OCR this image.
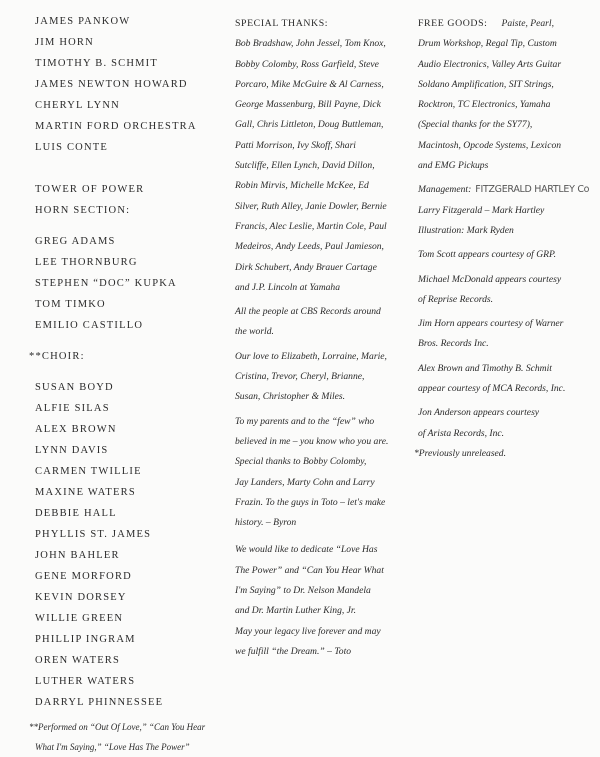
JAMES PANKOW
JIM HORN
TIMOTHY B. SCHMIT
JAMES NEWTON HOWARD
CHERYL LYNN
MARTIN FORD ORCHESTRA
LUIS CONTE
TOWER OF POWER
HORN SECTION:
GREG ADAMS
LEE THORNBURG
STEPHEN “DOC” KUPKA
TOM TIMKO
EMILIO CASTILLO
**CHOIR:
SUSAN BOYD
ALFIE SILAS
ALEX BROWN
LYNN DAVIS
CARMEN TWILLIE
MAXINE WATERS
DEBBIE HALL
PHYLLIS ST. JAMES
JOHN BAHLER
GENE MORFORD
KEVIN DORSEY
WILLIE GREEN
PHILLIP INGRAM
OREN WATERS
LUTHER WATERS
DARRYL PHINNESSEE
**Performed on “Out Of Love,” “Can You Hear
What I'm Saying,” “Love Has The Power”
SPECIAL THANKS:
Bob Bradshaw, John Jessel, Tom Knox,
Bobby Colomby, Ross Garfield, Steve
Porcaro, Mike McGuire & Al Carness,
George Massenburg, Bill Payne, Dick
Gall, Chris Littleton, Doug Buttleman,
Patti Morrison, Ivy Skoff, Shari
Sutcliffe, Ellen Lynch, David Dillon,
Robin Mirvis, Michelle McKee, Ed
Silver, Ruth Alley, Janie Dowler, Bernie
Francis, Alec Leslie, Martin Cole, Paul
Medeiros, Andy Leeds, Paul Jamieson,
Dirk Schubert, Andy Brauer Cartage
and J.P. Lincoln at Yamaha
All the people at CBS Records around
the world.
Our love to Elizabeth, Lorraine, Marie,
Cristina, Trevor, Cheryl, Brianne,
Susan, Christopher & Miles.
To my parents and to the “few” who
believed in me – you know who you are.
Special thanks to Bobby Colomby,
Jay Landers, Marty Cohn and Larry
Frazin. To the guys in Toto – let's make
history. – Byron
We would like to dedicate “Love Has
The Power” and “Can You Hear What
I'm Saying” to Dr. Nelson Mandela
and Dr. Martin Luther King, Jr.
May your legacy live forever and may
we fulfill “the Dream.” – Toto
FREE GOODS: Paiste, Pearl,
Drum Workshop, Regal Tip, Custom
Audio Electronics, Valley Arts Guitar
Soldano Amplification, SIT Strings,
Rocktron, TC Electronics, Yamaha
(Special thanks for the SY77),
Macintosh, Opcode Systems, Lexicon
and EMG Pickups
Management: FITZGERALD HARTLEY Co
Larry Fitzgerald – Mark Hartley
Illustration: Mark Ryden
Tom Scott appears courtesy of GRP.
Michael McDonald appears courtesy
of Reprise Records.
Jim Horn appears courtesy of Warner
Bros. Records Inc.
Alex Brown and Timothy B. Schmit
appear courtesy of MCA Records, Inc.
Jon Anderson appears courtesy
of Arista Records, Inc.
*Previously unreleased.
